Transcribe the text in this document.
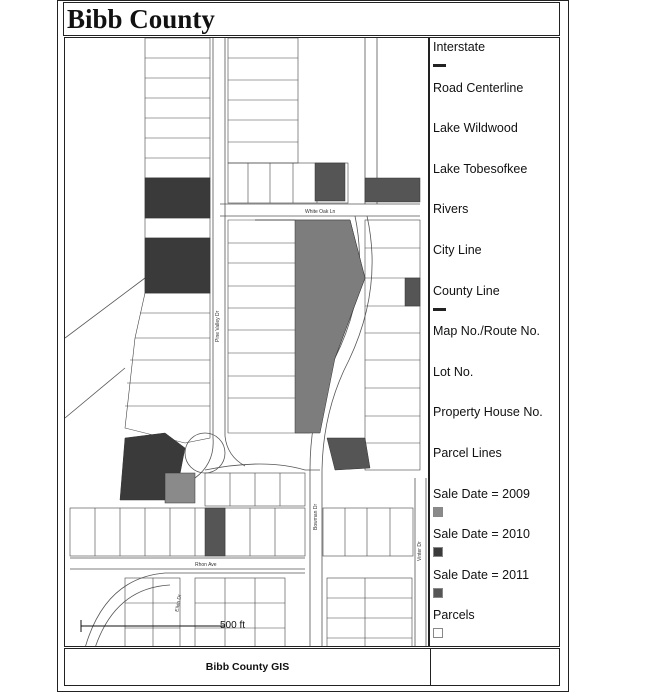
Bibb County
White Oak Ln
Pine Valley Dr
Bowman Dr
Rhon Ave
Elkin Dr
Vinter Dr
500 ft
Interstate
Road Centerline
Lake Wildwood
Lake Tobesofkee
Rivers
City Line
County Line
Map No./Route No.
Lot No.
Property House No.
Parcel Lines
Sale Date = 2009
Sale Date = 2010
Sale Date = 2011
Parcels
Bibb County GIS
